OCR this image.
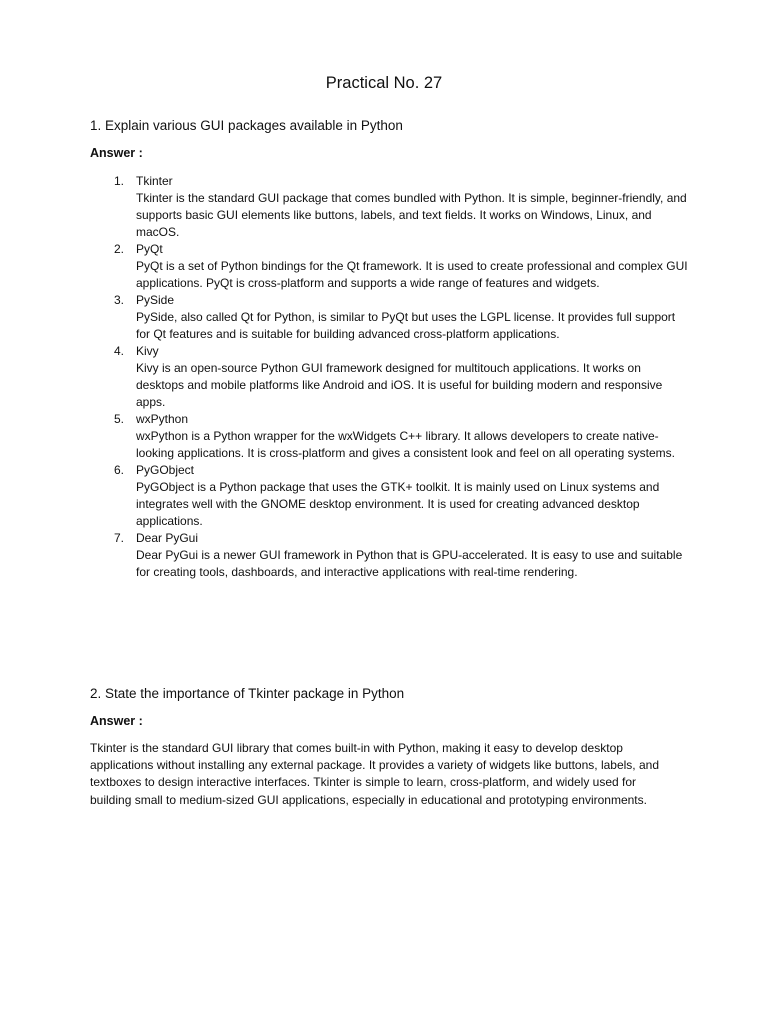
Practical No. 27

1. Explain various GUI packages available in Python

Answer :

1. Tkinter
Tkinter is the standard GUI package that comes bundled with Python. It is simple, beginner-friendly, and supports basic GUI elements like buttons, labels, and text fields. It works on Windows, Linux, and macOS.
2. PyQt
PyQt is a set of Python bindings for the Qt framework. It is used to create professional and complex GUI applications. PyQt is cross-platform and supports a wide range of features and widgets.
3. PySide
PySide, also called Qt for Python, is similar to PyQt but uses the LGPL license. It provides full support for Qt features and is suitable for building advanced cross-platform applications.
4. Kivy
Kivy is an open-source Python GUI framework designed for multitouch applications. It works on desktops and mobile platforms like Android and iOS. It is useful for building modern and responsive apps.
5. wxPython
wxPython is a Python wrapper for the wxWidgets C++ library. It allows developers to create native-looking applications. It is cross-platform and gives a consistent look and feel on all operating systems.
6. PyGObject
PyGObject is a Python package that uses the GTK+ toolkit. It is mainly used on Linux systems and integrates well with the GNOME desktop environment. It is used for creating advanced desktop applications.
7. Dear PyGui
Dear PyGui is a newer GUI framework in Python that is GPU-accelerated. It is easy to use and suitable for creating tools, dashboards, and interactive applications with real-time rendering.

2. State the importance of Tkinter package in Python

Answer :

Tkinter is the standard GUI library that comes built-in with Python, making it easy to develop desktop applications without installing any external package. It provides a variety of widgets like buttons, labels, and textboxes to design interactive interfaces. Tkinter is simple to learn, cross-platform, and widely used for building small to medium-sized GUI applications, especially in educational and prototyping environments.
